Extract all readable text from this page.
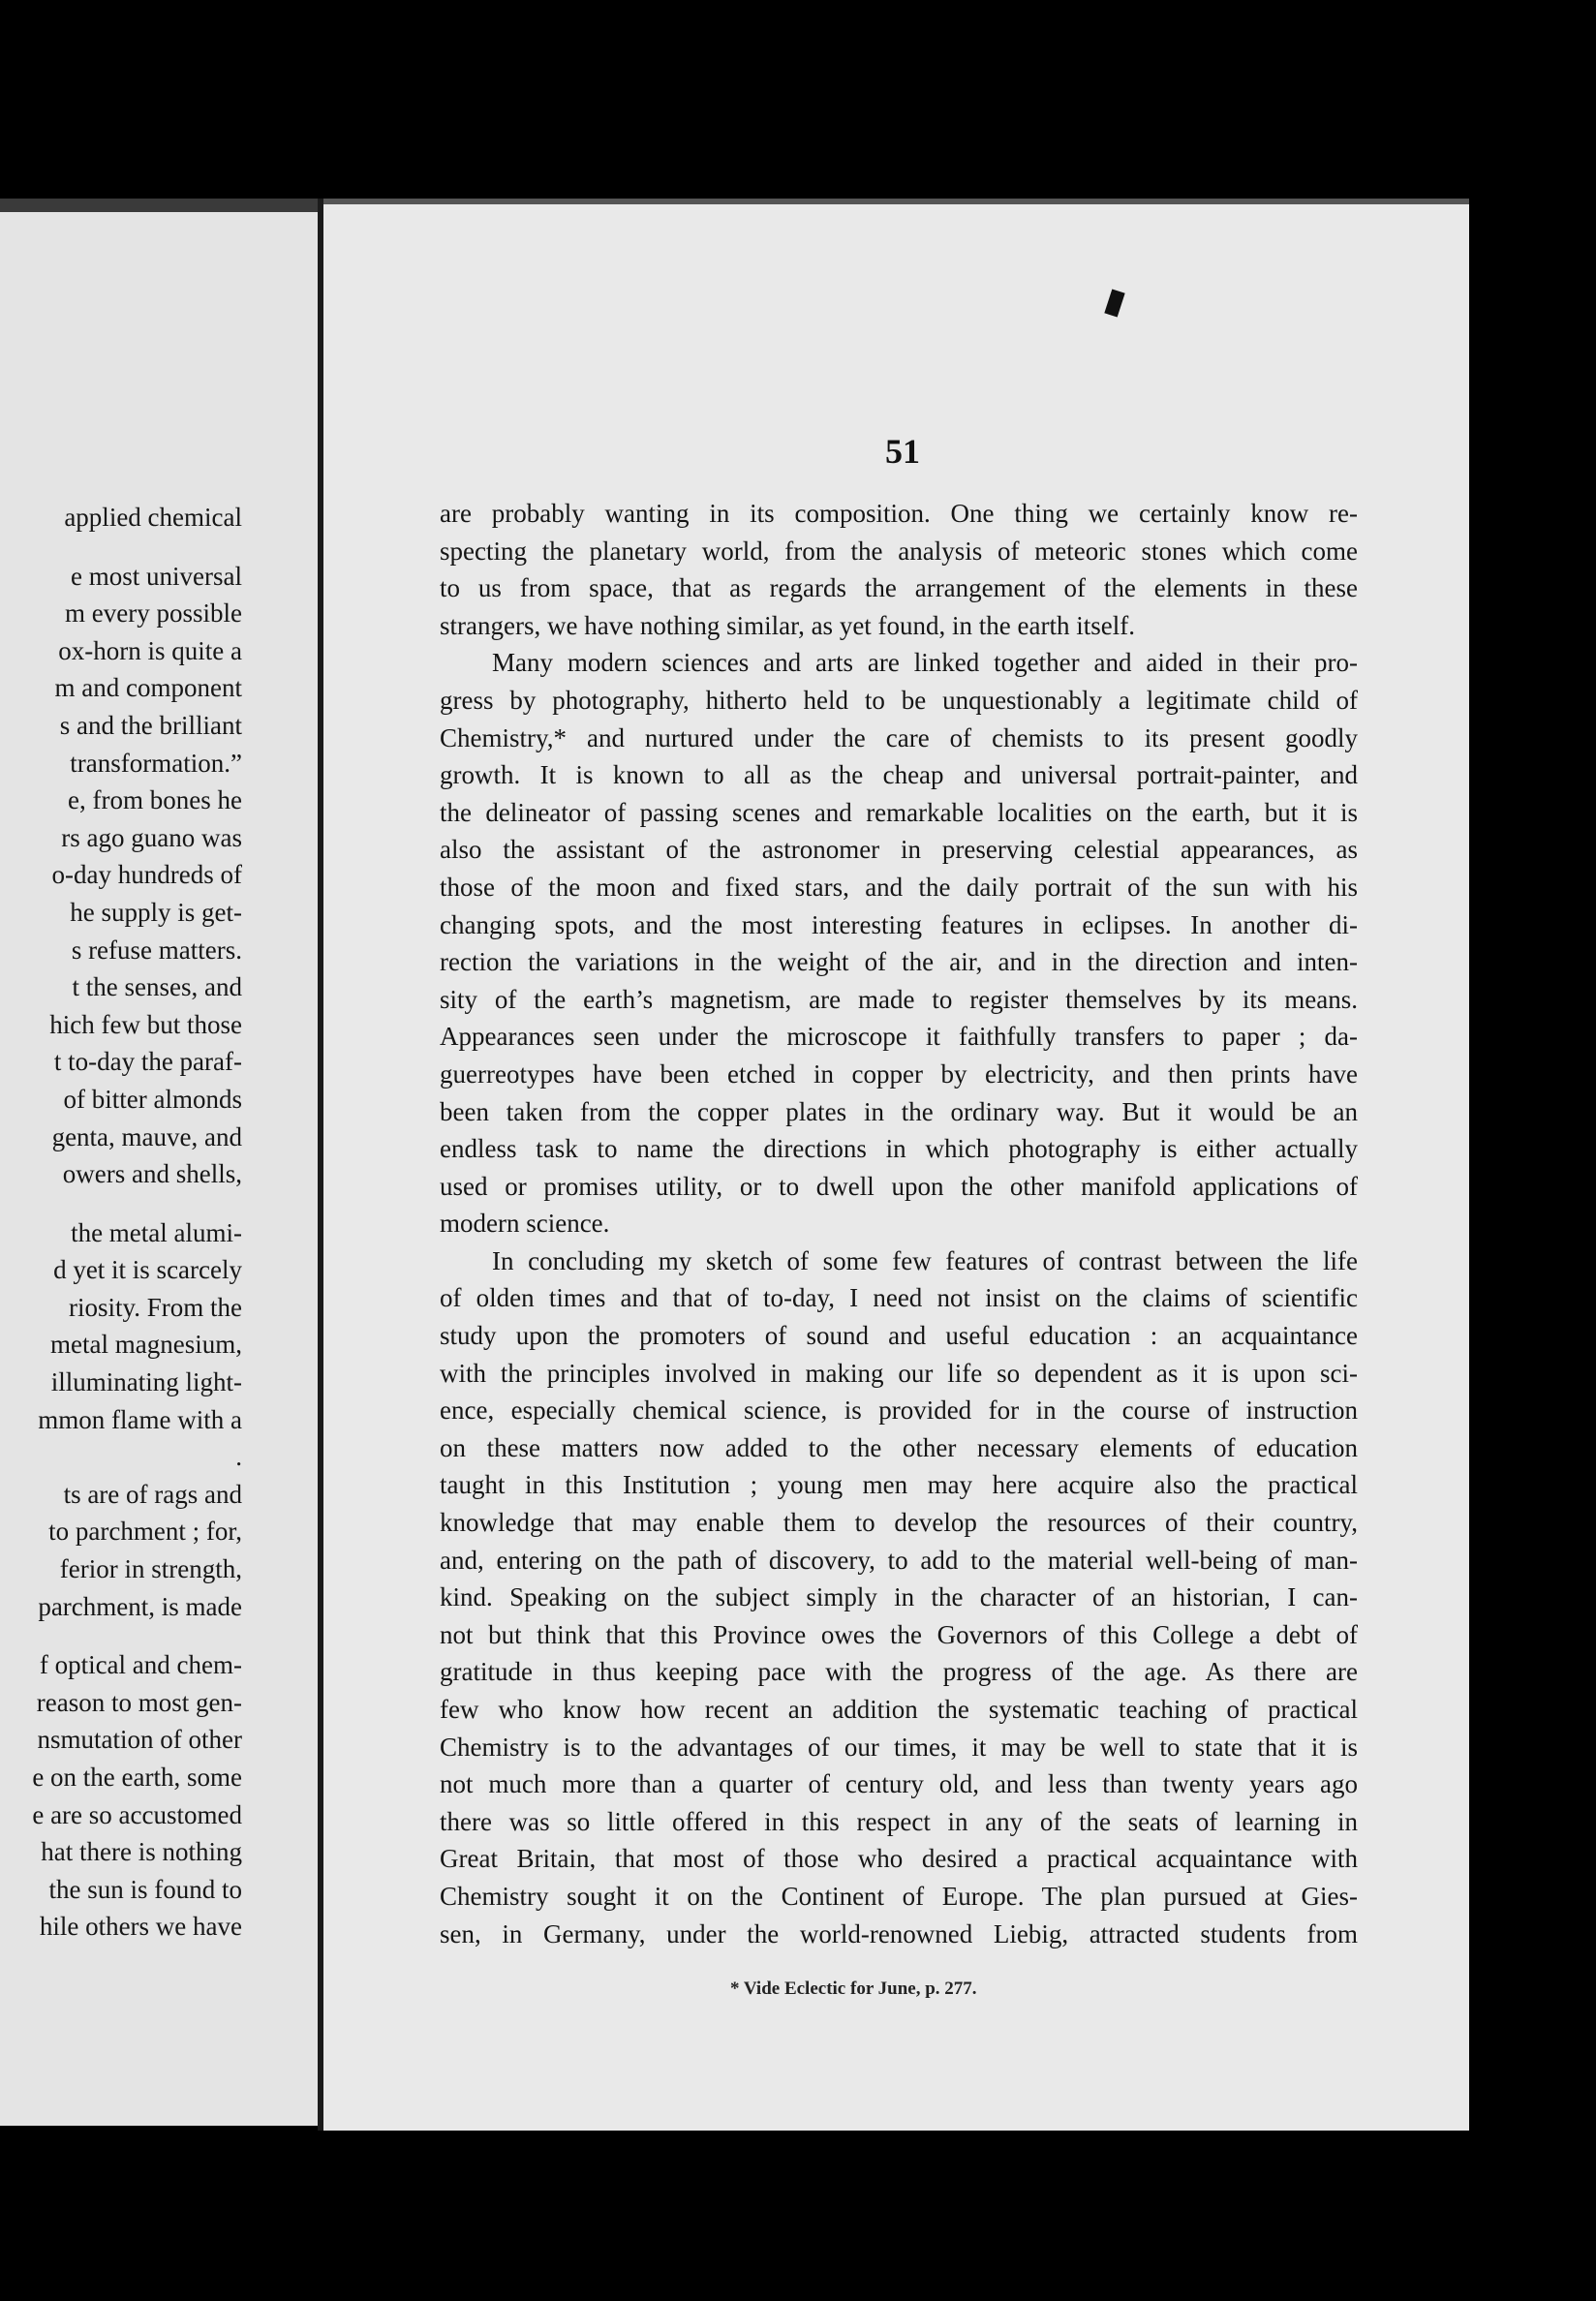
applied chemical
e most universal
m every possible
ox-horn is quite a
m and component
s and the brilliant
transformation.”
e, from bones he
rs ago guano was
o-day hundreds of
he supply is get-
s refuse matters.
t the senses, and
hich few but those
t to-day the paraf-
of bitter almonds
genta, mauve, and
owers and shells,
the metal alumi-
d yet it is scarcely
riosity. From the
metal magnesium,
illuminating light-
mmon flame with a
.
ts are of rags and
to parchment ; for,
ferior in strength,
parchment, is made
f optical and chem-
reason to most gen-
nsmutation of other
e on the earth, some
e are so accustomed
hat there is nothing
the sun is found to
hile others we have
51
are probably wanting in its composition. One thing we certainly know re-
specting the planetary world, from the analysis of meteoric stones which come
to us from space, that as regards the arrangement of the elements in these
strangers, we have nothing similar, as yet found, in the earth itself.
Many modern sciences and arts are linked together and aided in their pro-
gress by photography, hitherto held to be unquestionably a legitimate child of
Chemistry,* and nurtured under the care of chemists to its present goodly
growth. It is known to all as the cheap and universal portrait-painter, and
the delineator of passing scenes and remarkable localities on the earth, but it is
also the assistant of the astronomer in preserving celestial appearances, as
those of the moon and fixed stars, and the daily portrait of the sun with his
changing spots, and the most interesting features in eclipses. In another di-
rection the variations in the weight of the air, and in the direction and inten-
sity of the earth’s magnetism, are made to register themselves by its means.
Appearances seen under the microscope it faithfully transfers to paper ; da-
guerreotypes have been etched in copper by electricity, and then prints have
been taken from the copper plates in the ordinary way. But it would be an
endless task to name the directions in which photography is either actually
used or promises utility, or to dwell upon the other manifold applications of
modern science.
In concluding my sketch of some few features of contrast between the life
of olden times and that of to-day, I need not insist on the claims of scientific
study upon the promoters of sound and useful education : an acquaintance
with the principles involved in making our life so dependent as it is upon sci-
ence, especially chemical science, is provided for in the course of instruction
on these matters now added to the other necessary elements of education
taught in this Institution ; young men may here acquire also the practical
knowledge that may enable them to develop the resources of their country,
and, entering on the path of discovery, to add to the material well-being of man-
kind. Speaking on the subject simply in the character of an historian, I can-
not but think that this Province owes the Governors of this College a debt of
gratitude in thus keeping pace with the progress of the age. As there are
few who know how recent an addition the systematic teaching of practical
Chemistry is to the advantages of our times, it may be well to state that it is
not much more than a quarter of century old, and less than twenty years ago
there was so little offered in this respect in any of the seats of learning in
Great Britain, that most of those who desired a practical acquaintance with
Chemistry sought it on the Continent of Europe. The plan pursued at Gies-
sen, in Germany, under the world-renowned Liebig, attracted students from
* Vide Eclectic for June, p. 277.
